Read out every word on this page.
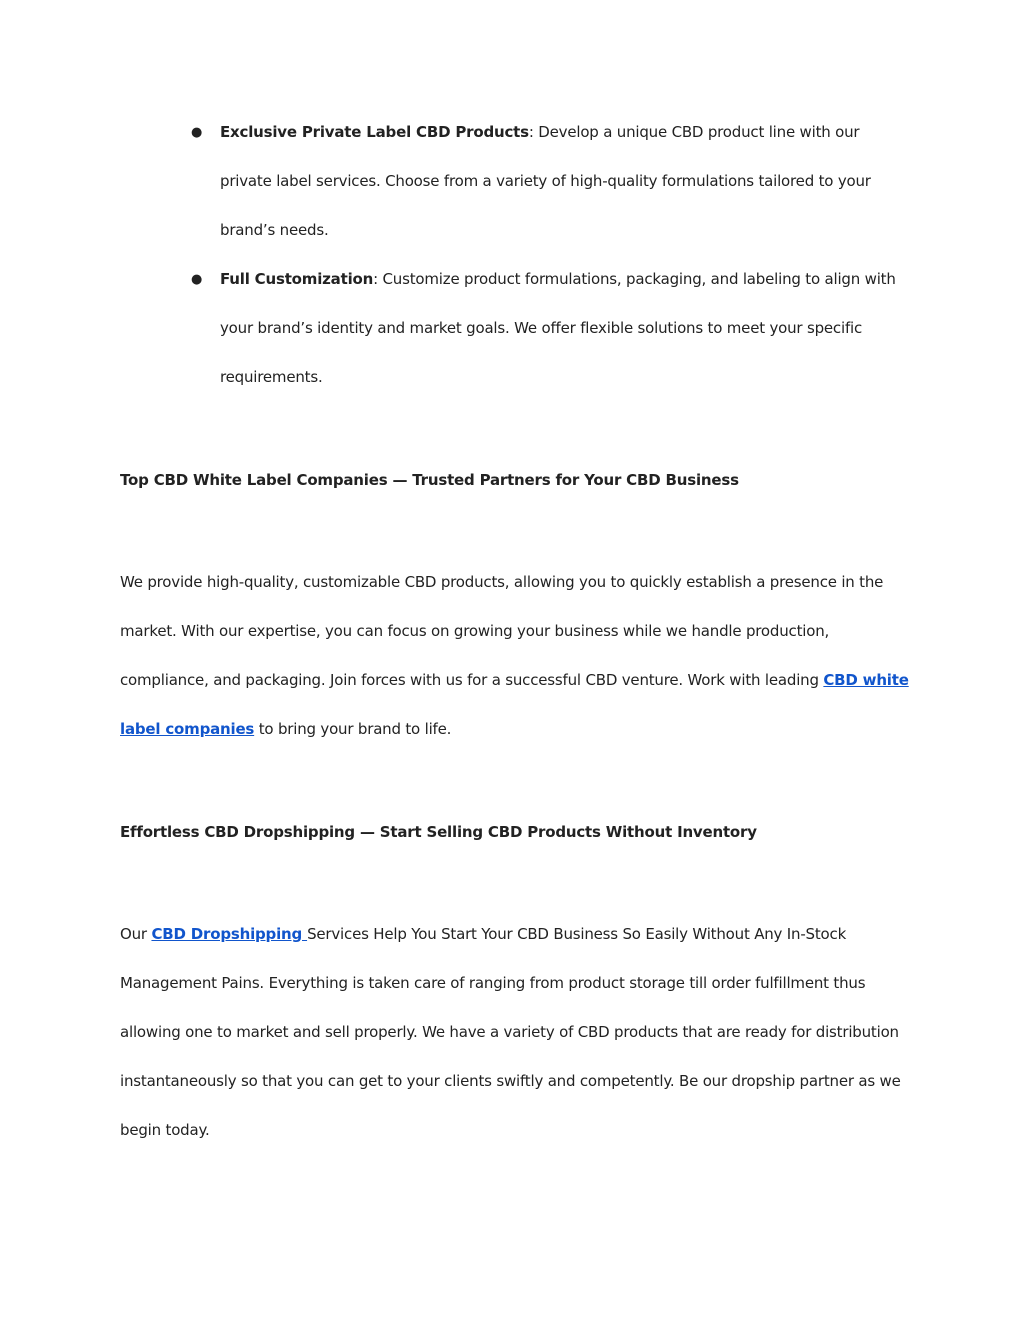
● Exclusive Private Label CBD Products: Develop a unique CBD product line with our private label services. Choose from a variety of high-quality formulations tailored to your brand’s needs.
● Full Customization: Customize product formulations, packaging, and labeling to align with your brand’s identity and market goals. We offer flexible solutions to meet your specific requirements.
Top CBD White Label Companies — Trusted Partners for Your CBD Business

We provide high-quality, customizable CBD products, allowing you to quickly establish a presence in the market. With our expertise, you can focus on growing your business while we handle production, compliance, and packaging. Join forces with us for a successful CBD venture. Work with leading CBD white label companies to bring your brand to life.

Effortless CBD Dropshipping — Start Selling CBD Products Without Inventory

Our CBD Dropshipping Services Help You Start Your CBD Business So Easily Without Any In-Stock Management Pains. Everything is taken care of ranging from product storage till order fulfillment thus allowing one to market and sell properly. We have a variety of CBD products that are ready for distribution instantaneously so that you can get to your clients swiftly and competently. Be our dropship partner as we begin today.
